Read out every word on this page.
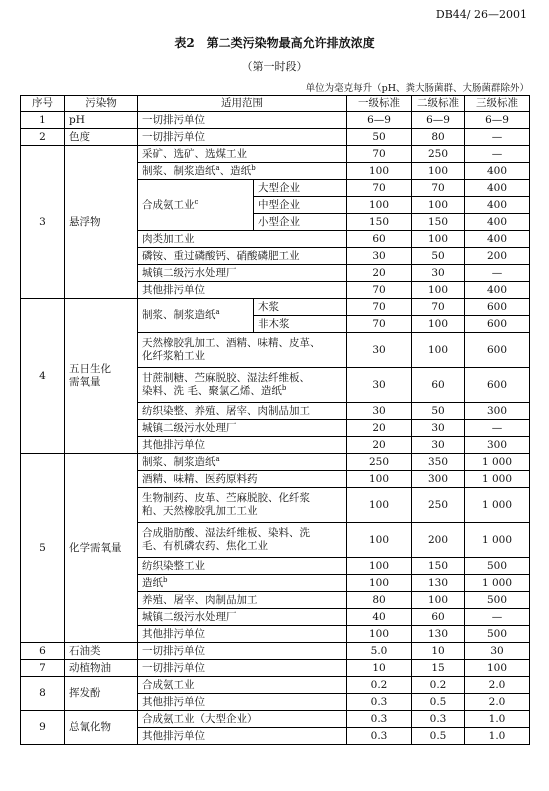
DB44/ 26—2001
表2　第二类污染物最高允许排放浓度
（第一时段）
单位为毫克每升（pH、粪大肠菌群、大肠菌群除外）
序号	污染物	适用范围		一级标准	二级标准	三级标准
1	pH	一切排污单位		6—9	6—9	6—9
2	色度	一切排污单位		50	80	—
3	悬浮物	采矿、选矿、选煤工业		70	250	—
		制浆、制浆造纸$^a$、造纸$^b$		100	100	400
		合成氨工业$^c$	大型企业	70	70	400
			中型企业	100	100	400
			小型企业	150	150	400
		肉类加工业		60	100	400
		磷铵、重过磷酸钙、硝酸磷肥工业		30	50	200
		城镇二级污水处理厂		20	30	—
		其他排污单位		70	100	400
4	五日生化
需氧量	制浆、制浆造纸$^a$	木浆	70	70	600
			非木浆	70	100	600
		天然橡胶乳加工、酒精、味精、皮革、
化纤浆粕工业		30	100	600
		甘蔗制糖、苎麻脱胶、湿法纤维板、
染料、洗 毛、聚氯乙烯、造纸$^b$		30	60	600
		纺织染整、养殖、屠宰、肉制品加工		30	50	300
		城镇二级污水处理厂		20	30	—
		其他排污单位		20	30	300
5	化学需氧量	制浆、制浆造纸$^a$		250	350	1 000
		酒精、味精、医药原料药		100	300	1 000
		生物制药、皮革、苎麻脱胶、化纤浆
粕、天然橡胶乳加工工业		100	250	1 000
		合成脂肪酸、湿法纤维板、染料、洗
毛、有机磷农药、焦化工业		100	200	1 000
		纺织染整工业		100	150	500
		造纸$^b$		100	130	1 000
		养殖、屠宰、肉制品加工		80	100	500
		城镇二级污水处理厂		40	60	—
		其他排污单位		100	130	500
6	石油类	一切排污单位		5.0	10	30
7	动植物油	一切排污单位		10	15	100
8	挥发酚	合成氨工业		0.2	0.2	2.0
		其他排污单位		0.3	0.5	2.0
9	总氰化物	合成氨工业（大型企业）		0.3	0.3	1.0
		其他排污单位		0.3	0.5	1.0
